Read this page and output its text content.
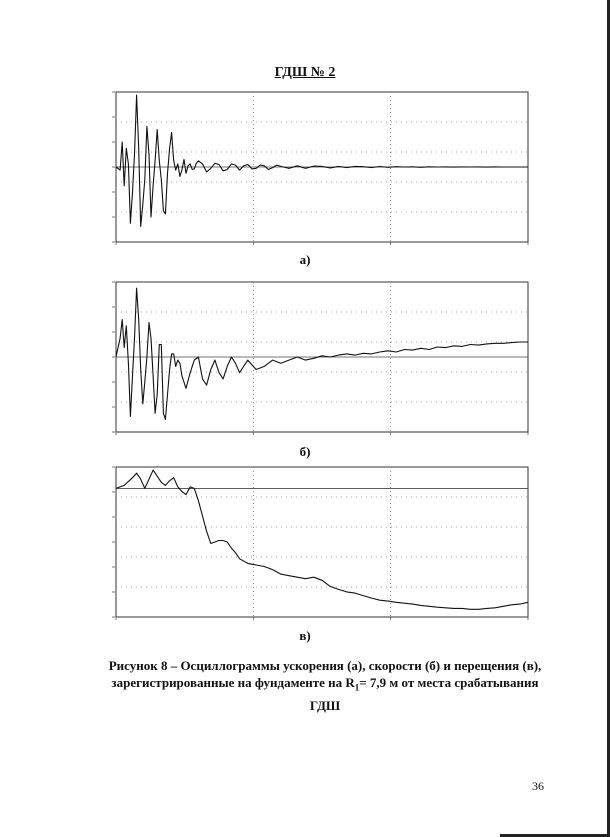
ГДШ № 2
а)
б)
в)
Рисунок 8 – Осциллограммы ускорения (а), скорости (б) и перещения (в),
зарегистрированные на фундаменте на $R_1= 7,9$ м от места срабатывания
ГДШ
36
